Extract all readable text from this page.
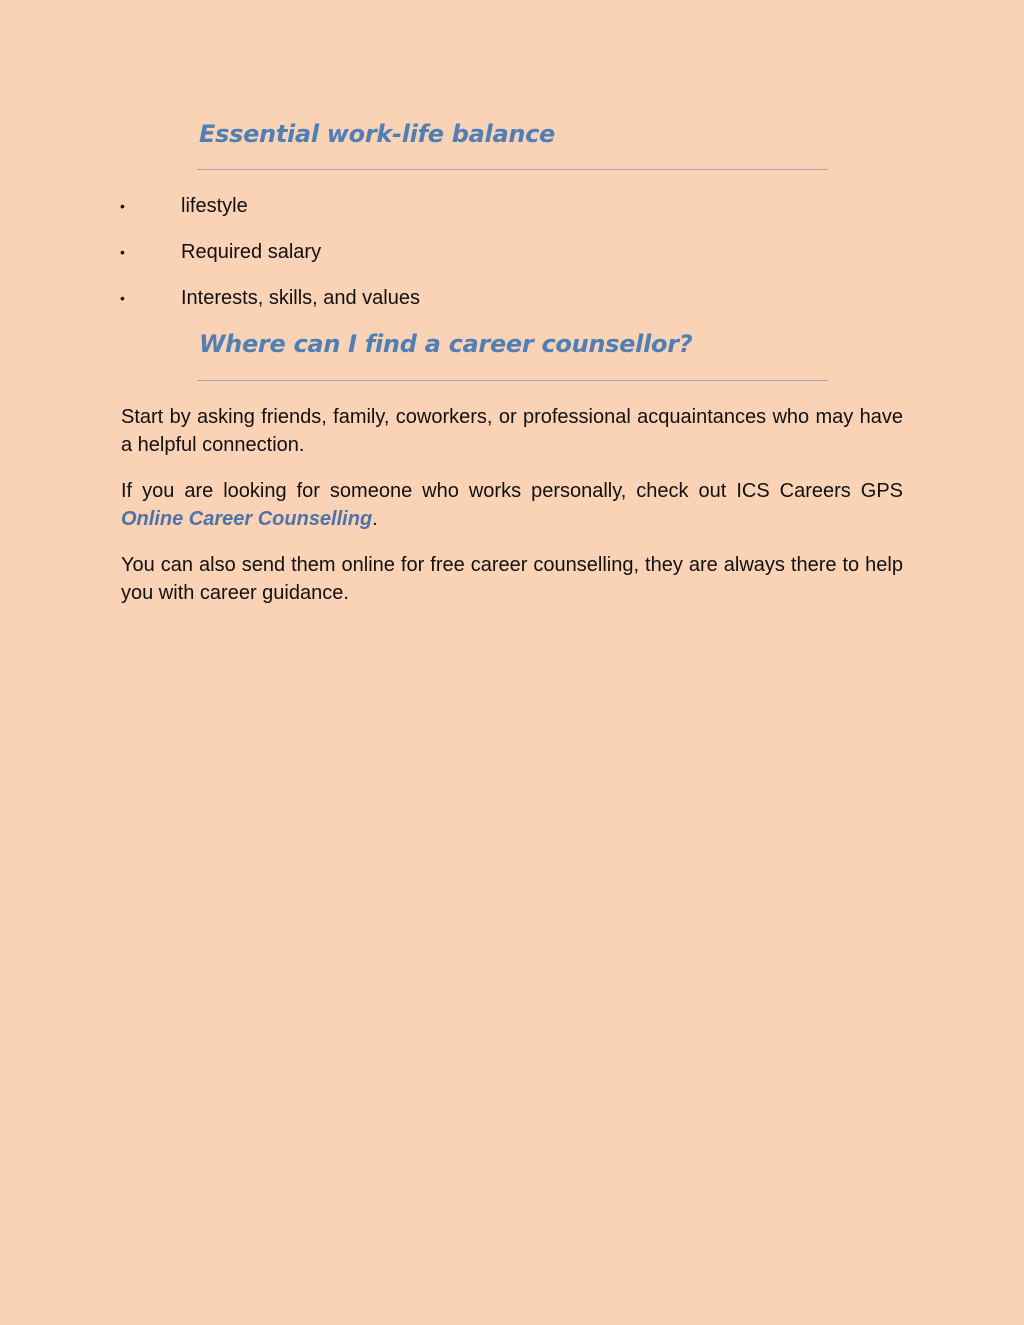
Essential work-life balance
•	lifestyle
•	Required salary
•	Interests, skills, and values
Where can I find a career counsellor?

Start by asking friends, family, coworkers, or professional acquaintances who may have a helpful connection.

If you are looking for someone who works personally, check out ICS Careers GPS Online Career Counselling.

You can also send them online for free career counselling, they are always there to help you with career guidance.
